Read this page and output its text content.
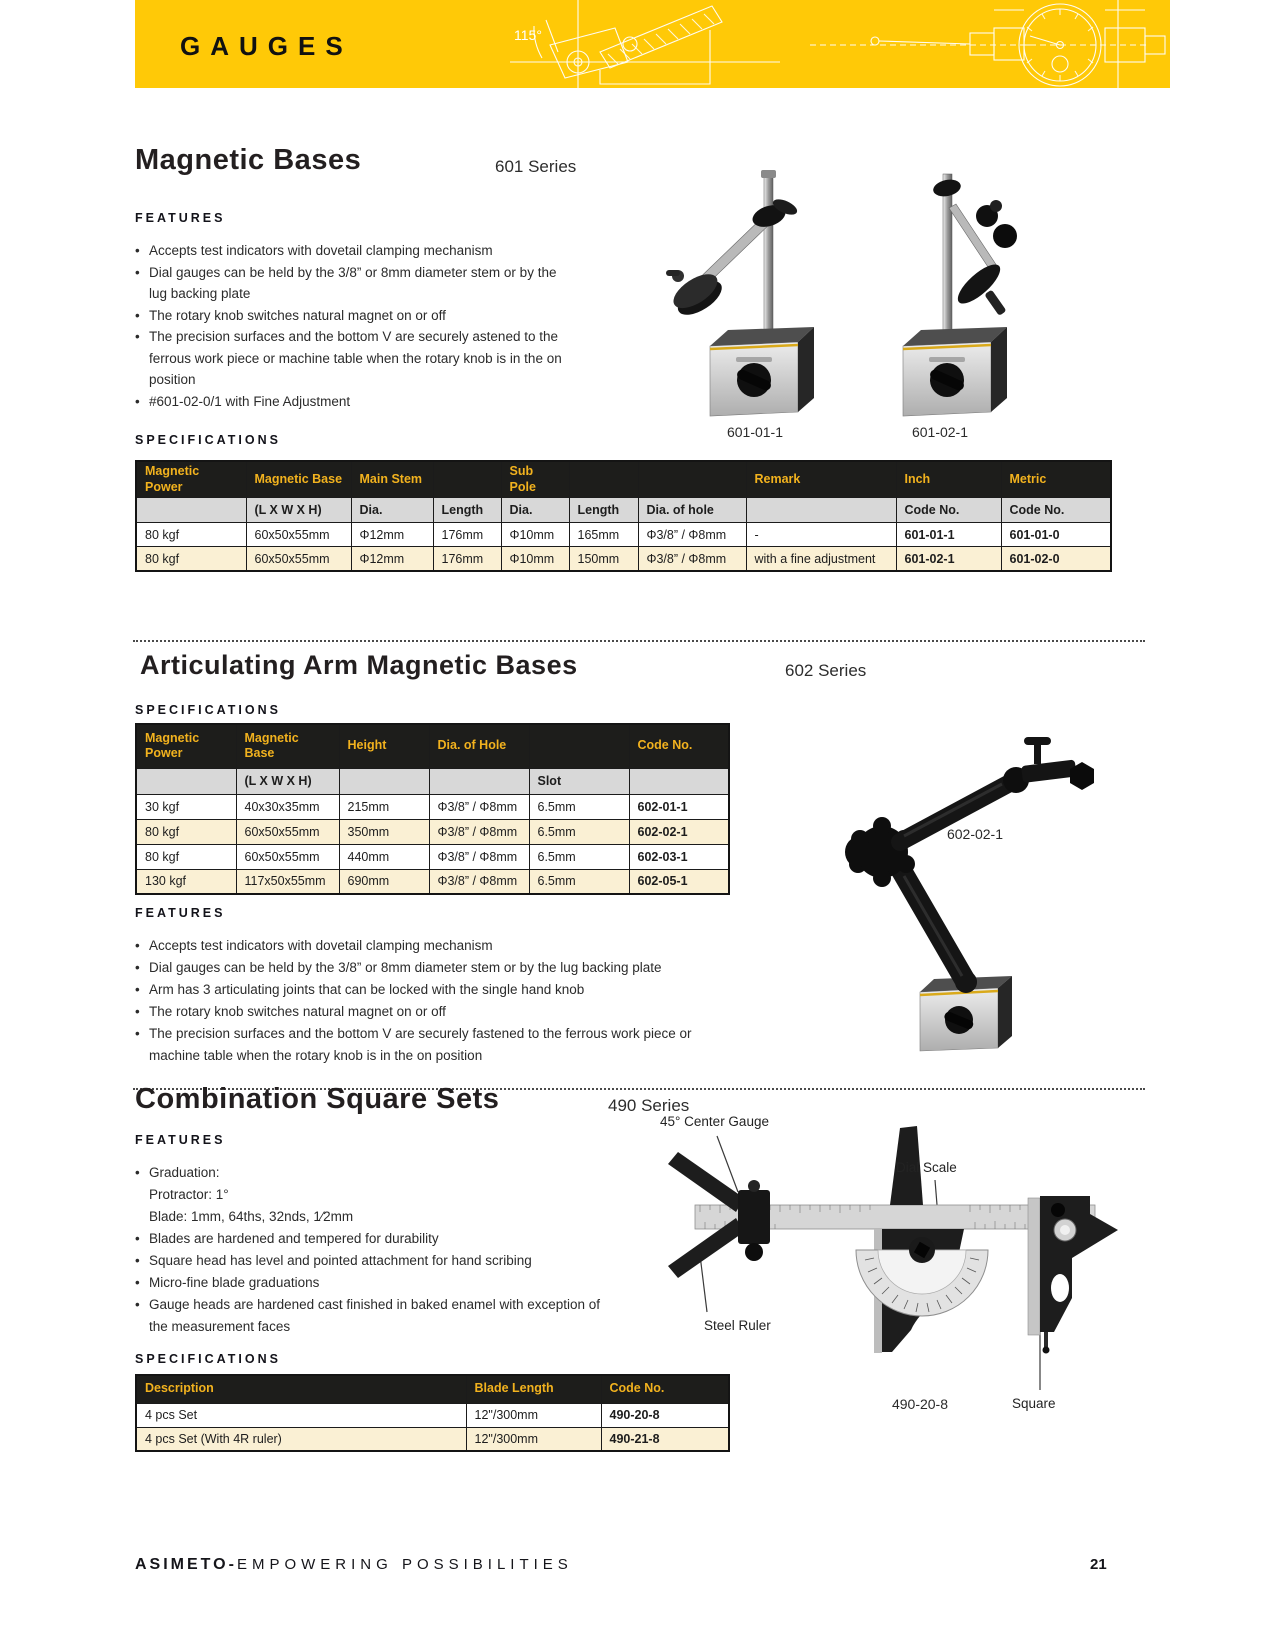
GAUGES	115°
Magnetic Bases	601 Series
FEATURES
• Accepts test indicators with dovetail clamping mechanism
• Dial gauges can be held by the 3/8” or 8mm diameter stem or by the lug backing plate
• The rotary knob switches natural magnet on or off
• The precision surfaces and the bottom V are securely astened to the ferrous work piece or machine table when the rotary knob is in the on position
• #601-02-0/1 with Fine Adjustment
601-01-1	601-02-1
SPECIFICATIONS
Magnetic Power	Magnetic Base	Main Stem		Sub Pole			Remark	Inch	Metric
	(L X W X H)	Dia.	Length	Dia.	Length	Dia. of hole		Code No.	Code No.
80 kgf	60x50x55mm	Φ12mm	176mm	Φ10mm	165mm	Φ3/8” / Φ8mm	-	601-01-1	601-01-0
80 kgf	60x50x55mm	Φ12mm	176mm	Φ10mm	150mm	Φ3/8” / Φ8mm	with a fine adjustment	601-02-1	601-02-0
Articulating Arm Magnetic Bases	602 Series
SPECIFICATIONS
Magnetic Power	Magnetic Base	Height	Dia. of Hole		Code No.
	(L X W X H)			Slot	
30 kgf	40x30x35mm	215mm	Φ3/8” / Φ8mm	6.5mm	602-01-1
80 kgf	60x50x55mm	350mm	Φ3/8” / Φ8mm	6.5mm	602-02-1
80 kgf	60x50x55mm	440mm	Φ3/8” / Φ8mm	6.5mm	602-03-1
130 kgf	117x50x55mm	690mm	Φ3/8” / Φ8mm	6.5mm	602-05-1
FEATURES
• Accepts test indicators with dovetail clamping mechanism
• Dial gauges can be held by the 3/8” or 8mm diameter stem or by the lug backing plate
• Arm has 3 articulating joints that can be locked with the single hand knob
• The rotary knob switches natural magnet on or off
• The precision surfaces and the bottom V are securely fastened to the ferrous work piece or machine table when the rotary knob is in the on position
602-02-1
Combination Square Sets	490 Series
FEATURES
• Graduation:
Protractor: 1°
Blade: 1mm, 64ths, 32nds, 1⁄2mm
• Blades are hardened and tempered for durability
• Square head has level and pointed attachment for hand scribing
• Micro-fine blade graduations
• Gauge heads are hardened cast finished in baked enamel with exception of the measurement faces
45° Center Gauge
Dial Scale
Steel Ruler
490-20-8	Square
SPECIFICATIONS
Description	Blade Length	Code No.
4 pcs Set	12"/300mm	490-20-8
4 pcs Set (With 4R ruler)	12"/300mm	490-21-8
ASIMETO-EMPOWERING POSSIBILITIES	21
